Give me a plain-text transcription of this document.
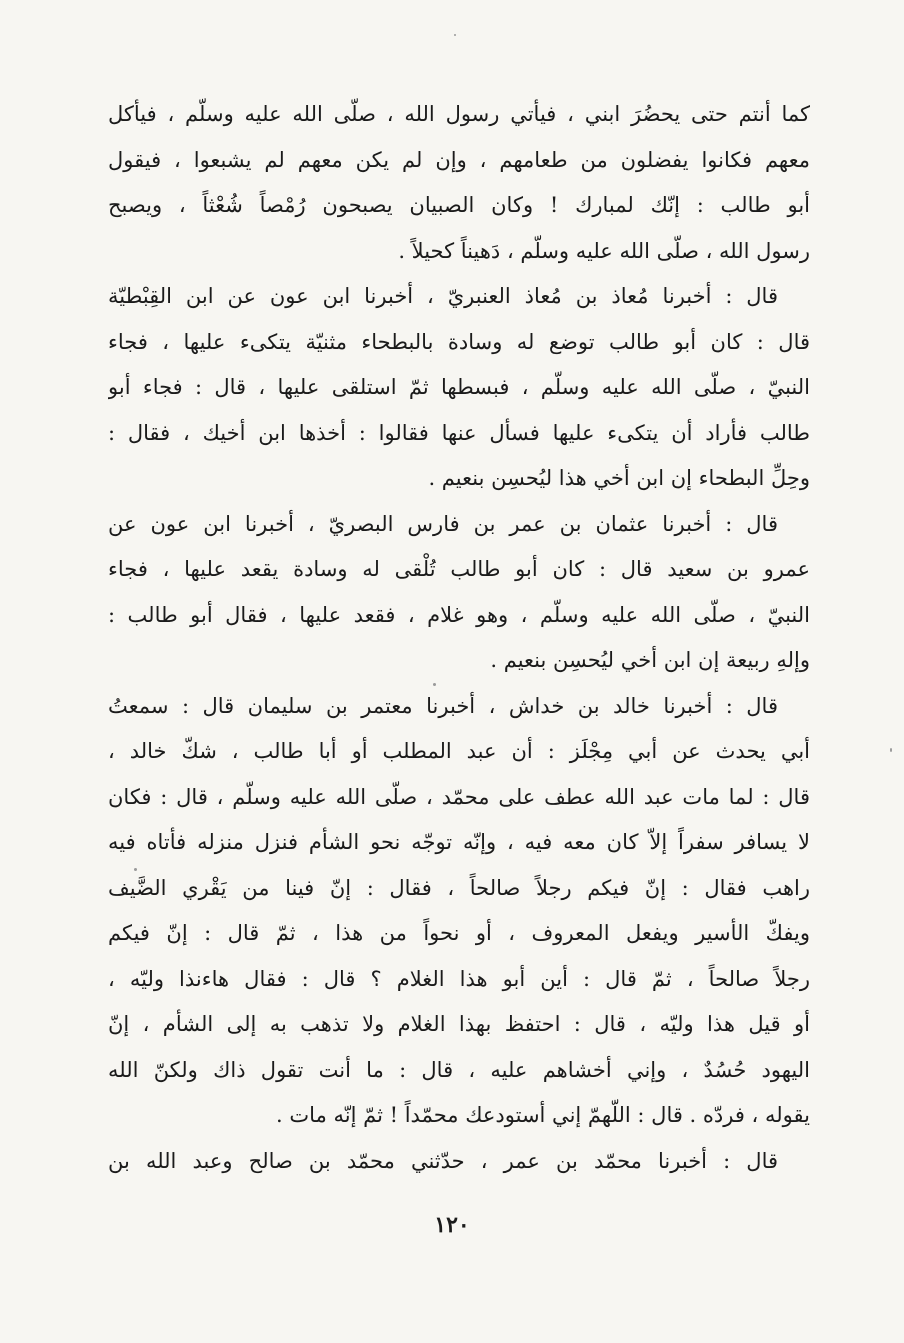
كما أنتم حتى يحضُرَ ابني ، فيأتي رسول الله ، صلّى الله عليه وسلّم ، فيأكل
معهم فكانوا يفضلون من طعامهم ، وإن لم يكن معهم لم يشبعوا ، فيقول
أبو طالب : إنّك لمبارك ! وكان الصبيان يصبحون رُمْصاً شُعْثاً ، ويصبح
رسول الله ، صلّى الله عليه وسلّم ، دَهيناً كحيلاً .
قال : أخبرنا مُعاذ بن مُعاذ العنبريّ ، أخبرنا ابن عون عن ابن القِبْطيّة
قال : كان أبو طالب توضع له وسادة بالبطحاء مثنيّة يتكىء عليها ، فجاء
النبيّ ، صلّى الله عليه وسلّم ، فبسطها ثمّ استلقى عليها ، قال : فجاء أبو
طالب فأراد أن يتكىء عليها فسأل عنها فقالوا : أخذها ابن أخيك ، فقال :
وحِلِّ البطحاء إن ابن أخي هذا ليُحسِن بنعيم .
قال : أخبرنا عثمان بن عمر بن فارس البصريّ ، أخبرنا ابن عون عن
عمرو بن سعيد قال : كان أبو طالب تُلْقى له وسادة يقعد عليها ، فجاء
النبيّ ، صلّى الله عليه وسلّم ، وهو غلام ، فقعد عليها ، فقال أبو طالب :
وإلهِ ربيعة إن ابن أخي ليُحسِن بنعيم .
قال : أخبرنا خالد بن خداش ، أخبرنا معتمر بن سليمان قال : سمعتُ
أبي يحدث عن أبي مِجْلَز : أن عبد المطلب أو أبا طالب ، شكّ خالد ،
قال : لما مات عبد الله عطف على محمّد ، صلّى الله عليه وسلّم ، قال : فكان
لا يسافر سفراً إلاّ كان معه فيه ، وإنّه توجّه نحو الشأم فنزل منزله فأتاه فيه
راهب فقال : إنّ فيكم رجلاً صالحاً ، فقال : إنّ فينا من يَقْري الضَّيف
ويفكّ الأسير ويفعل المعروف ، أو نحواً من هذا ، ثمّ قال : إنّ فيكم
رجلاً صالحاً ، ثمّ قال : أين أبو هذا الغلام ؟ قال : فقال هاءنذا وليّه ،
أو قيل هذا وليّه ، قال : احتفظ بهذا الغلام ولا تذهب به إلى الشأم ، إنّ
اليهود حُسُدٌ ، وإني أخشاهم عليه ، قال : ما أنت تقول ذاك ولكنّ الله
يقوله ، فردّه . قال : اللّهمّ إني أستودعك محمّداً ! ثمّ إنّه مات .
قال : أخبرنا محمّد بن عمر ، حدّثني محمّد بن صالح وعبد الله بن
١٢٠
